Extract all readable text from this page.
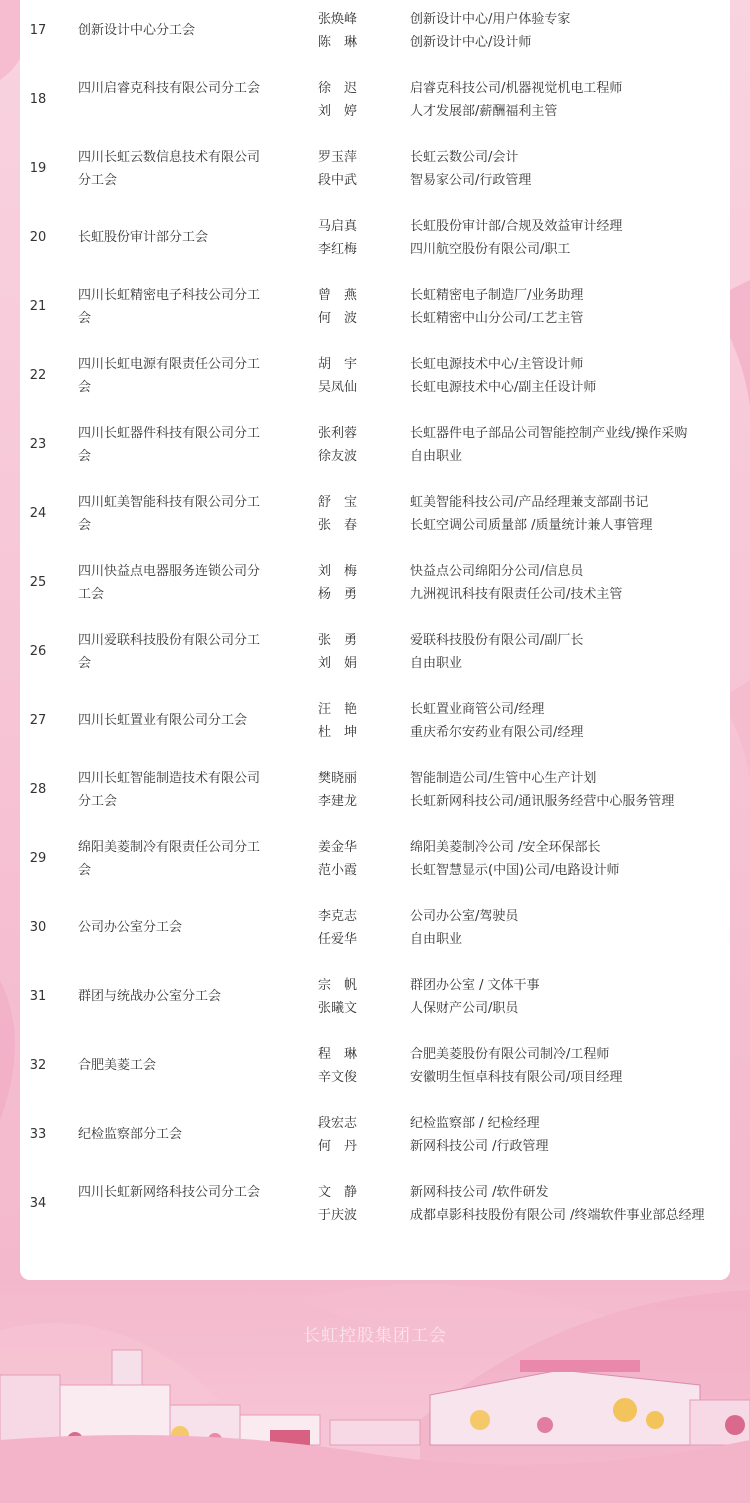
17 创新设计中心分工会
张焕峰
陈　琳
创新设计中心/用户体验专家
创新设计中心/设计师
18
四川启睿克科技有限公司分工会	徐　迟
刘　婷
启睿克科技公司/机器视觉机电工程师
人才发展部/薪酬福利主管
19
四川长虹云数信息技术有限公司分工会
罗玉萍
段中武
长虹云数公司/会计
智易家公司/行政管理
20 长虹股份审计部分工会
马启真
李红梅
长虹股份审计部/合规及效益审计经理
四川航空股份有限公司/职工
21
四川长虹精密电子科技公司分工会
曾　燕
何　波
长虹精密电子制造厂/业务助理
长虹精密中山分公司/工艺主管
22
四川长虹电源有限责任公司分工会
胡　宇
吴凤仙
长虹电源技术中心/主管设计师
长虹电源技术中心/副主任设计师
23
四川长虹器件科技有限公司分工会
张利蓉
徐友波
长虹器件电子部品公司智能控制产业线/操作采购
自由职业
24
四川虹美智能科技有限公司分工会
舒　宝
张　春
虹美智能科技公司/产品经理兼支部副书记
长虹空调公司质量部 /质量统计兼人事管理
25
四川快益点电器服务连锁公司分工会
刘　梅
杨　勇
快益点公司绵阳分公司/信息员
九洲视讯科技有限责任公司/技术主管
26
四川爱联科技股份有限公司分工会
张　勇
刘　娟
爱联科技股份有限公司/副厂长
自由职业
27 四川长虹置业有限公司分工会
汪　艳
杜　坤
长虹置业商管公司/经理
重庆希尔安药业有限公司/经理
28
四川长虹智能制造技术有限公司分工会
樊晓丽
李建龙
智能制造公司/生管中心生产计划
长虹新网科技公司/通讯服务经营中心服务管理
29
绵阳美菱制冷有限责任公司分工会
姜金华
范小霞
绵阳美菱制冷公司 /安全环保部长
长虹智慧显示(中国)公司/电路设计师
30 公司办公室分工会
李克志
任爱华
公司办公室/驾驶员
自由职业
31 群团与统战办公室分工会
宗　帆
张曦文
群团办公室 / 文体干事
人保财产公司/职员
32 合肥美菱工会
程　琳
辛文俊
合肥美菱股份有限公司制冷/工程师
安徽明生恒卓科技有限公司/项目经理
33 纪检监察部分工会
段宏志
何　丹
纪检监察部 / 纪检经理
新网科技公司 /行政管理
34
四川长虹新网络科技公司分工会	文　静
于庆波
新网科技公司 /软件研发
成都卓影科技股份有限公司 /终端软件事业部总经理
长虹控股集团工会
